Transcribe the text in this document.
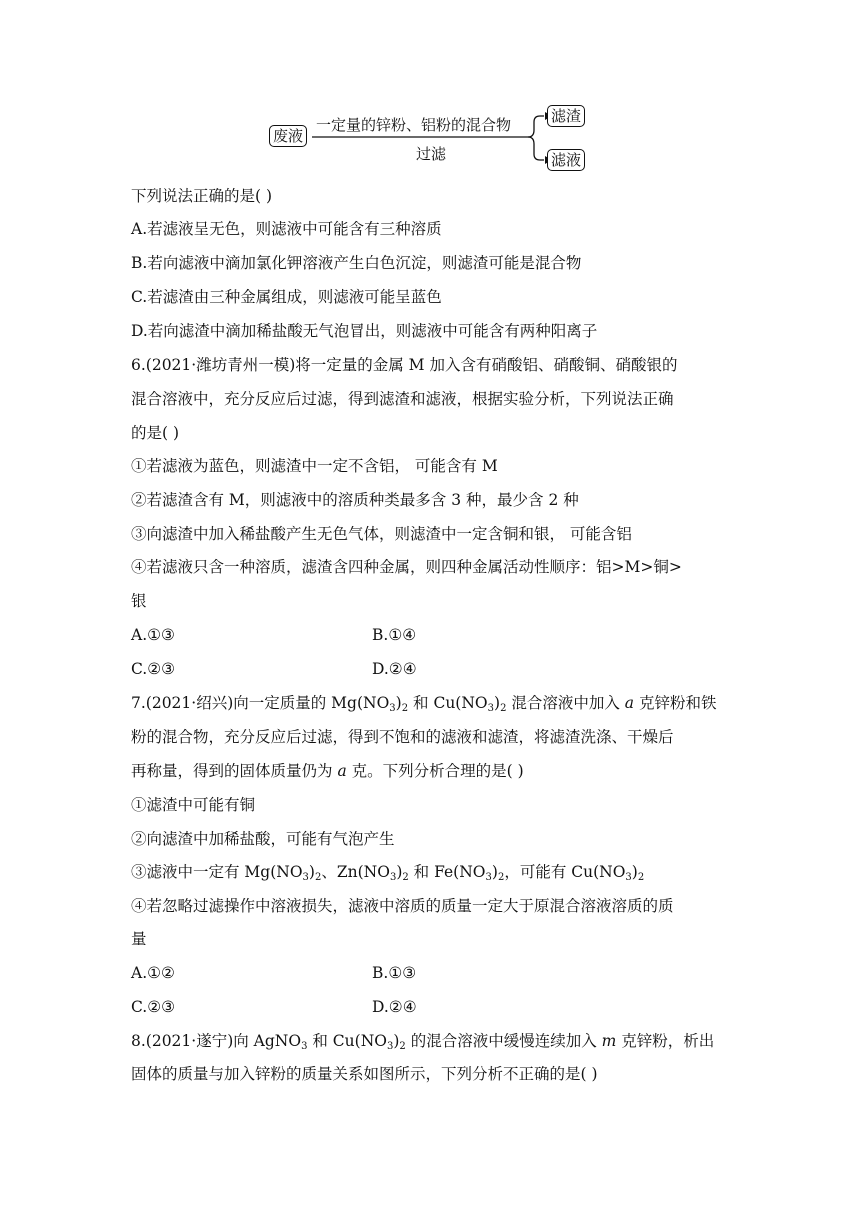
废液
一定量的锌粉、铝粉的混合物
过滤
滤渣
滤液
下列说法正确的是( )
A.若滤液呈无色，则滤液中可能含有三种溶质
B.若向滤液中滴加氯化钾溶液产生白色沉淀，则滤渣可能是混合物
C.若滤渣由三种金属组成，则滤液可能呈蓝色
D.若向滤渣中滴加稀盐酸无气泡冒出，则滤液中可能含有两种阳离子
6.(2021·潍坊青州一模)将一定量的金属 M 加入含有硝酸铝、硝酸铜、硝酸银的
混合溶液中，充分反应后过滤，得到滤渣和滤液，根据实验分析，下列说法正确
的是( )
①若滤液为蓝色，则滤渣中一定不含铝， 可能含有 M
②若滤渣含有 M，则滤液中的溶质种类最多含 3 种，最少含 2 种
③向滤渣中加入稀盐酸产生无色气体，则滤渣中一定含铜和银， 可能含铝
④若滤液只含一种溶质，滤渣含四种金属，则四种金属活动性顺序：铝>M>铜>
银
A.①③	B.①④
C.②③	D.②④
7.(2021·绍兴)向一定质量的 $Mg(NO_3)_2$ 和 $Cu(NO_3)_2$ 混合溶液中加入 a 克锌粉和铁
粉的混合物，充分反应后过滤，得到不饱和的滤液和滤渣，将滤渣洗涤、干燥后
再称量，得到的固体质量仍为 a 克。下列分析合理的是( )
①滤渣中可能有铜
②向滤渣中加稀盐酸，可能有气泡产生
③滤液中一定有 $Mg(NO_3)_2$、$Zn(NO_3)_2$ 和 $Fe(NO_3)_2$，可能有 $Cu(NO_3)_2$
④若忽略过滤操作中溶液损失，滤液中溶质的质量一定大于原混合溶液溶质的质
量
A.①②	B.①③
C.②③	D.②④
8.(2021·遂宁)向 AgNO$_3$ 和 $Cu(NO_3)_2$ 的混合溶液中缓慢连续加入 m 克锌粉，析出
固体的质量与加入锌粉的质量关系如图所示，下列分析不正确的是( )
